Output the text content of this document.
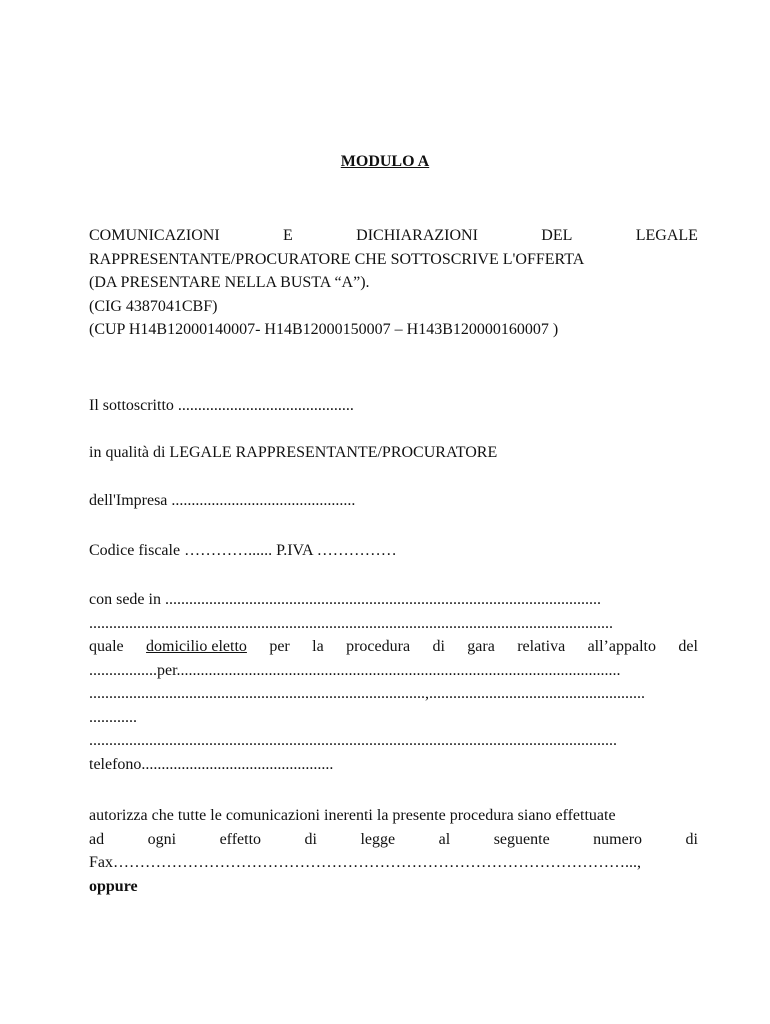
MODULO A
COMUNICAZIONI	E	DICHIARAZIONI	DEL	LEGALE
RAPPRESENTANTE/PROCURATORE CHE SOTTOSCRIVE L'OFFERTA
(DA PRESENTARE NELLA BUSTA “A”).
(CIG 4387041CBF)
(CUP H14B12000140007- H14B12000150007 – H143B120000160007 )
Il sottoscritto ............................................
in qualità di LEGALE RAPPRESENTANTE/PROCURATORE
dell'Impresa ..............................................
Codice fiscale …………...... P.IVA ……………
con sede in .............................................................................................................
...................................................................................................................................
quale domicilio eletto per la procedura di gara relativa all’appalto del
.................per...............................................................................................................
....................................................................................,......................................................
............
....................................................................................................................................
telefono................................................
autorizza che tutte le comunicazioni inerenti la presente procedura siano effettuate
ad	ogni	effetto	di	legge	al	seguente	numero	di
Fax……………………………………………………………………………………...,
oppure
